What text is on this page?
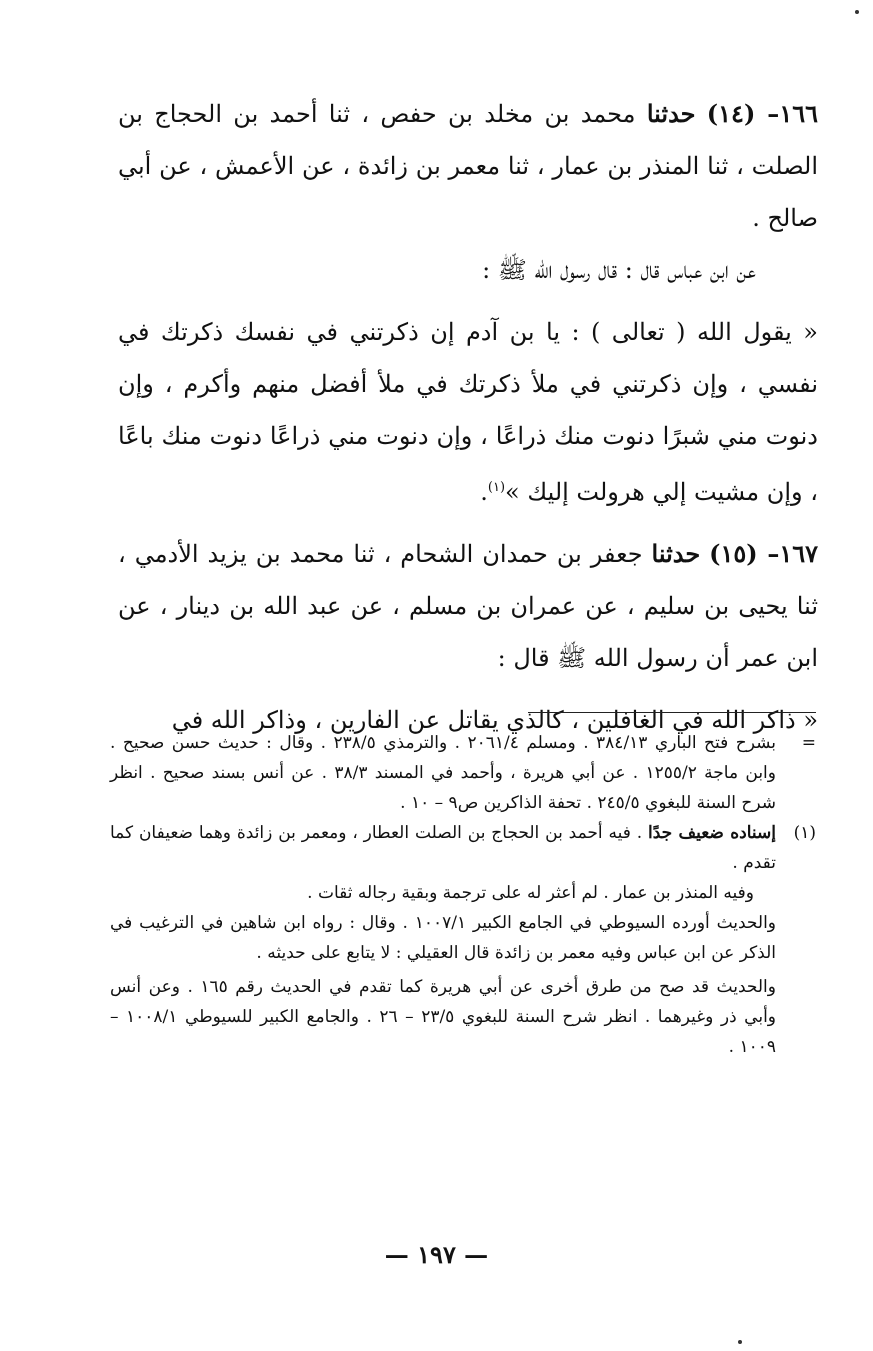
١٦٦– (١٤) حدثنا محمد بن مخلد بن حفص ، ثنا أحمد بن الحجاج بن الصلت ، ثنا المنذر بن عمار ، ثنا معمر بن زائدة ، عن الأعمش ، عن أبي صالح .

عن ابن عباس قال : قال رسول الله ﷺ :

« يقول الله ( تعالى ) : يا بن آدم إن ذكرتني في نفسك ذكرتك في نفسي ، وإن ذكرتني في ملأ ذكرتك في ملأ أفضل منهم وأكرم ، وإن دنوت مني شبرًا دنوت منك ذراعًا ، وإن دنوت مني ذراعًا دنوت منك باعًا ، وإن مشيت إلي هرولت إليك »$^{(١)}$.

١٦٧– (١٥) حدثنا جعفر بن حمدان الشحام ، ثنا محمد بن يزيد الأدمي ، ثنا يحيى بن سليم ، عن عمران بن مسلم ، عن عبد الله بن دينار ، عن ابن عمر أن رسول الله ﷺ قال :

« ذاكر الله في الغافلين ، كالذي يقاتل عن الفارين ، وذاكر الله في

=

بشرح فتح الباري ٣٨٤/١٣ . ومسلم ٢٠٦١/٤ . والترمذي ٢٣٨/٥ . وقال : حديث حسن صحيح . وابن ماجة ١٢٥٥/٢ . عن أبي هريرة ، وأحمد في المسند ٣٨/٣ . عن أنس بسند صحيح . انظر شرح السنة للبغوي ٢٤٥/٥ . تحفة الذاكرين ص٩ – ١٠ .

(١)

إسناده ضعيف جدًا . فيه أحمد بن الحجاج بن الصلت العطار ، ومعمر بن زائدة وهما ضعيفان كما تقدم .

وفيه المنذر بن عمار . لم أعثر له على ترجمة وبقية رجاله ثقات .

والحديث أورده السيوطي في الجامع الكبير ١٠٠٧/١ . وقال : رواه ابن شاهين في الترغيب في الذكر عن ابن عباس وفيه معمر بن زائدة قال العقيلي : لا يتابع على حديثه .

والحديث قد صح من طرق أخرى عن أبي هريرة كما تقدم في الحديث رقم ١٦٥ . وعن أنس وأبي ذر وغيرهما . انظر شرح السنة للبغوي ٢٣/٥ – ٢٦ . والجامع الكبير للسيوطي ١٠٠٨/١ – ١٠٠٩ .

— ١٩٧ —
